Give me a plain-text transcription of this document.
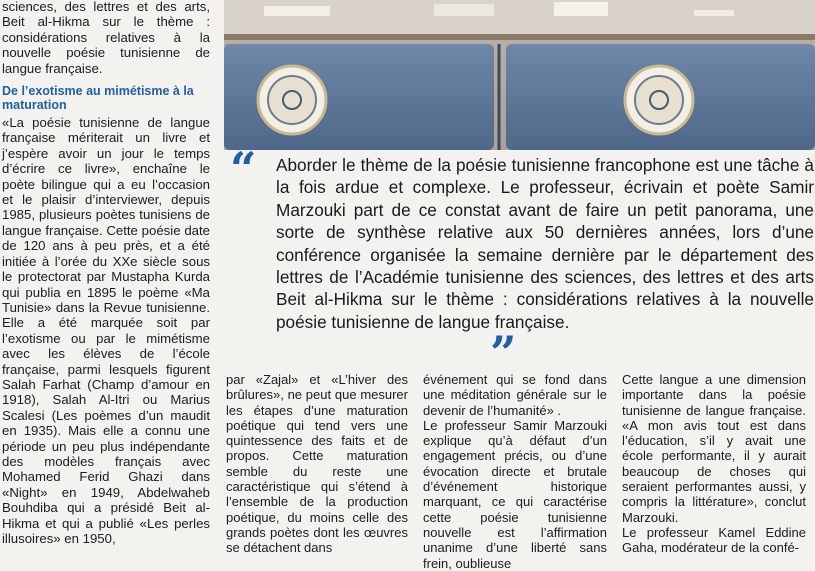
sciences, des lettres et des arts, Beit al-Hikma sur le thème : considérations relatives à la nouvelle poésie tunisienne de langue française.

De l’exotisme au mimétisme à la maturation

«La poésie tunisienne de langue française mériterait un livre et j’espère avoir un jour le temps d’écrire ce livre», enchaîne le poète bilingue qui a eu l’occasion et le plaisir d’interviewer, depuis 1985, plusieurs poètes tunisiens de langue française. Cette poésie date de 120 ans à peu près, et a été initiée à l’orée du XXe siècle sous le protectorat par Mustapha Kurda qui publia en 1895 le poème «Ma Tunisie» dans la Revue tunisienne. Elle a été marquée soit par l’exotisme ou par le mimétisme avec les élèves de l’école française, parmi lesquels figurent Salah Farhat (Champ d’amour en 1918), Salah Al-Itri ou Marius Scalesi (Les poèmes d’un maudit en 1935). Mais elle a connu une période un peu plus indépendante des modèles français avec Mohamed Ferid Ghazi dans «Night» en 1949, Abdelwaheb Bouhdiba qui a présidé Beit al-Hikma et qui a publié «Les perles illusoires» en 1950,

“ Aborder le thème de la poésie tunisienne francophone est une tâche à la fois ardue et complexe. Le professeur, écrivain et poète Samir Marzouki part de ce constat avant de faire un petit panorama, une sorte de synthèse relative aux 50 dernières années, lors d’une conférence organisée la semaine dernière par le département des lettres de l’Académie tunisienne des sciences, des lettres et des arts Beit al-Hikma sur le thème : considérations relatives à la nouvelle poésie tunisienne de langue française.

”

par «Zajal» et «L’hiver des brûlures», ne peut que mesurer les étapes d’une maturation poétique qui tend vers une quintessence des faits et de propos. Cette maturation semble du reste une caractéristique qui s’étend à l’ensemble de la production poétique, du moins celle des grands poètes dont les œuvres se détachent dans

événement qui se fond dans une méditation générale sur le devenir de l’humanité» .

Le professeur Samir Marzouki explique qu’à défaut d’un engagement précis, ou d’une évocation directe et brutale d’événement historique marquant, ce qui caractérise cette poésie tunisienne nouvelle est l’affirmation unanime d’une liberté sans frein, oublieuse

Cette langue a une dimension importante dans la poésie tunisienne de langue française. «A mon avis tout est dans l’éducation, s’il y avait une école performante, il y aurait beaucoup de choses qui seraient performantes aussi, y compris la littérature», conclut Marzouki.

Le professeur Kamel Eddine Gaha, modérateur de la confé-
